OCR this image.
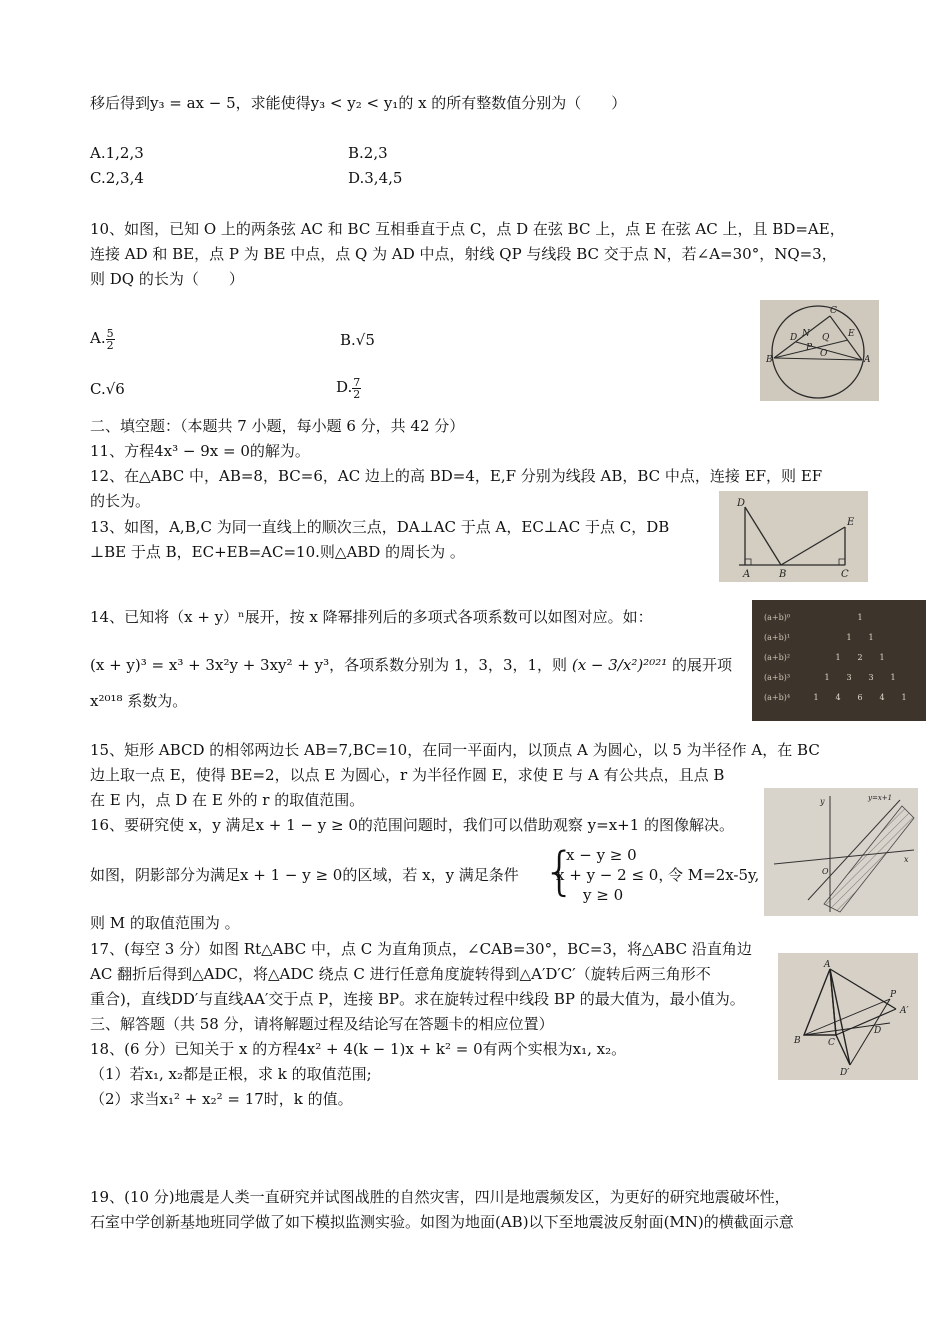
移后得到y₃ = ax − 5，求能使得y₃ < y₂ < y₁的 x 的所有整数值分别为（　　）
A.1,2,3	B.2,3
C.2,3,4	D.3,4,5
10、如图，已知 O 上的两条弦 AC 和 BC 互相垂直于点 C，点 D 在弦 BC 上，点 E 在弦 AC 上，且 BD=AE，
连接 AD 和 BE，点 P 为 BE 中点，点 Q 为 AD 中点，射线 QP 与线段 BC 交于点 N，若∠A=30°，NQ=3，
则 DQ 的长为（　　）
A. $\frac{5}{2}$	B.√5
C.√6	D. $\frac{7}{2}$
B
D N
P
Q
O
C
A
E
二、填空题：（本题共 7 小题，每小题 6 分，共 42 分）
11、方程4x³ − 9x = 0的解为。
12、在△ABC 中，AB=8，BC=6，AC 边上的高 BD=4，E,F 分别为线段 AB，BC 中点，连接 EF，则 EF
的长为。
13、如图，A,B,C 为同一直线上的顺次三点，DA⊥AC 于点 A，EC⊥AC 于点 C，DB
⊥BE 于点 B，EC+EB=AC=10.则△ABD 的周长为 。
D
E
A	B	C
14、已知将（x + y）ⁿ展开，按 x 降幂排列后的多项式各项系数可以如图对应。如：
(x + y)³ = x³ + 3x²y + 3xy² + y³，各项系数分别为 1，3，3，1，则 (x − 3/x²)²⁰²¹ 的展开项
x²⁰¹⁸ 系数为。
(a+b)⁰	1
(a+b)¹	1 1
(a+b)²	1 2 1
(a+b)³	1 3 3 1
(a+b)⁴	1 4 6 4 1
15、矩形 ABCD 的相邻两边长 AB=7,BC=10，在同一平面内，以顶点 A 为圆心，以 5 为半径作 A，在 BC
边上取一点 E，使得 BE=2，以点 E 为圆心，r 为半径作圆 E，求使 E 与 A 有公共点，且点 B
在 E 内，点 D 在 E 外的 r 的取值范围。
16、要研究使 x，y 满足x + 1 − y ≥ 0的范围问题时，我们可以借助观察 y=x+1 的图像解决。
如图，阴影部分为满足x + 1 − y ≥ 0的区域，若 x，y 满足条件 {
x − y ≥ 0
x + y − 2 ≤ 0，
y ≥ 0
令 M=2x-5y,
则 M 的取值范围为 。
y	y=x+1
O
x
17、(每空 3 分）如图 Rt△ABC 中，点 C 为直角顶点，∠CAB=30°，BC=3，将△ABC 沿直角边
AC 翻折后得到△ADC，将△ADC 绕点 C 进行任意角度旋转得到△A′D′C′（旋转后两三角形不
重合)，直线DD′与直线AA′交于点 P，连接 BP。求在旋转过程中线段 BP 的最大值为，最小值为。
A
P
A′
B	C
D
D′
三、解答题（共 58 分，请将解题过程及结论写在答题卡的相应位置）
18、(6 分）已知关于 x 的方程4x² + 4(k − 1)x + k² = 0有两个实根为x₁, x₂。
（1）若x₁, x₂都是正根，求 k 的取值范围;
（2）求当x₁² + x₂² = 17时，k 的值。
19、(10 分)地震是人类一直研究并试图战胜的自然灾害，四川是地震频发区，为更好的研究地震破坏性，
石室中学创新基地班同学做了如下模拟监测实验。如图为地面(AB)以下至地震波反射面(MN)的横截面示意
